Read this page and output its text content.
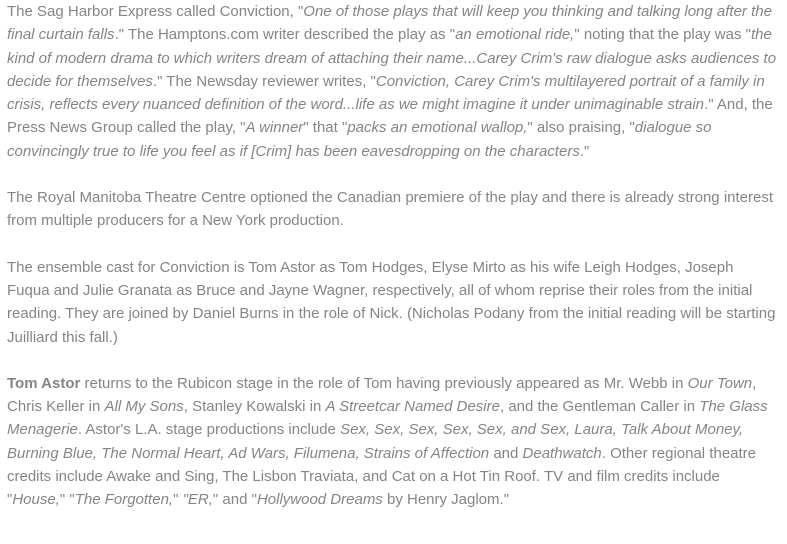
The Sag Harbor Express called Conviction, "One of those plays that will keep you thinking and talking long after the final curtain falls." The Hamptons.com writer described the play as "an emotional ride," noting that the play was "the kind of modern drama to which writers dream of attaching their name...Carey Crim's raw dialogue asks audiences to decide for themselves." The Newsday reviewer writes, "Conviction, Carey Crim's multilayered portrait of a family in crisis, reflects every nuanced definition of the word...life as we might imagine it under unimaginable strain." And, the Press News Group called the play, "A winner" that "packs an emotional wallop," also praising, "dialogue so convincingly true to life you feel as if [Crim] has been eavesdropping on the characters."

The Royal Manitoba Theatre Centre optioned the Canadian premiere of the play and there is already strong interest from multiple producers for a New York production.

The ensemble cast for Conviction is Tom Astor as Tom Hodges, Elyse Mirto as his wife Leigh Hodges, Joseph Fuqua and Julie Granata as Bruce and Jayne Wagner, respectively, all of whom reprise their roles from the initial reading. They are joined by Daniel Burns in the role of Nick. (Nicholas Podany from the initial reading will be starting Juilliard this fall.)

Tom Astor returns to the Rubicon stage in the role of Tom having previously appeared as Mr. Webb in Our Town, Chris Keller in All My Sons, Stanley Kowalski in A Streetcar Named Desire, and the Gentleman Caller in The Glass Menagerie. Astor's L.A. stage productions include Sex, Sex, Sex, Sex, Sex, and Sex, Laura, Talk About Money, Burning Blue, The Normal Heart, Ad Wars, Filumena, Strains of Affection and Deathwatch. Other regional theatre credits include Awake and Sing, The Lisbon Traviata, and Cat on a Hot Tin Roof. TV and film credits include "House," "The Forgotten," "ER," and "Hollywood Dreams by Henry Jaglom."
